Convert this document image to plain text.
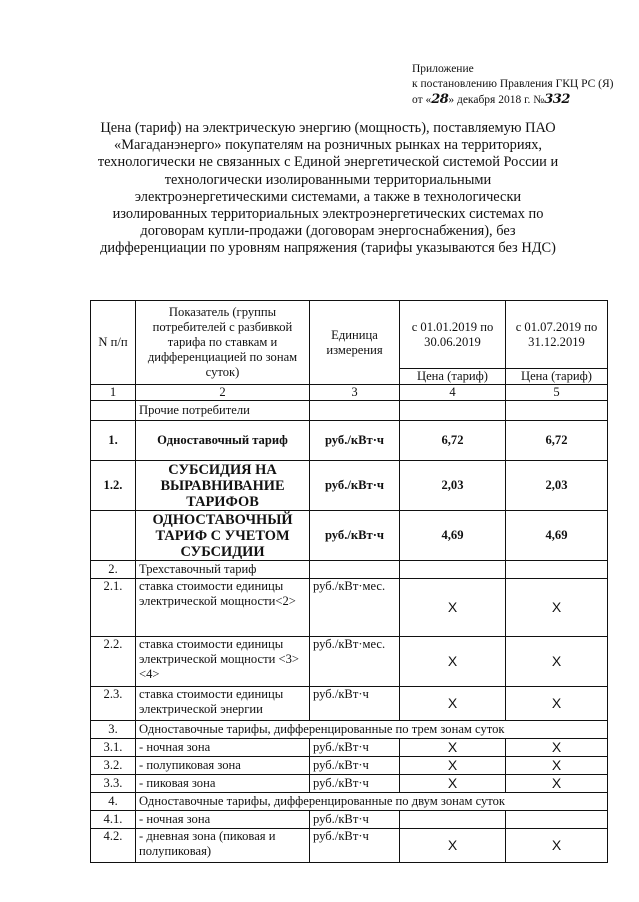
Приложение
к постановлению Правления ГКЦ РС (Я)
от «28» декабря 2018 г. №332
Цена (тариф) на электрическую энергию (мощность), поставляемую ПАО «Магаданэнерго» покупателям на розничных рынках на территориях, технологически не связанных с Единой энергетической системой России и технологически изолированными территориальными электроэнергетическими системами, а также в технологически изолированных территориальных электроэнергетических системах по договорам купли-продажи (договорам энергоснабжения), без дифференциации по уровням напряжения (тарифы указываются без НДС)
N п/п	Показатель (группы потребителей с разбивкой тарифа по ставкам и дифференциацией по зонам суток)	Единица измерения	с 01.01.2019 по 30.06.2019	с 01.07.2019 по 31.12.2019
			Цена (тариф)	Цена (тариф)
1	2	3	4	5
	Прочие потребители			
1.	Одноставочный тариф	руб./кВт·ч	6,72	6,72
1.2.	СУБСИДИЯ НА ВЫРАВНИВАНИЕ ТАРИФОВ	руб./кВт·ч	2,03	2,03
	ОДНОСТАВОЧНЫЙ ТАРИФ С УЧЕТОМ СУБСИДИИ	руб./кВт·ч	4,69	4,69
2.	Трехставочный тариф			
2.1.	ставка стоимости единицы электрической мощности<2>	руб./кВт·мес.	X	X
2.2.	ставка стоимости единицы электрической мощности <3><4>	руб./кВт·мес.	X	X
2.3.	ставка стоимости единицы электрической энергии	руб./кВт·ч	X	X
3.	Одноставочные тарифы, дифференцированные по трем зонам суток			
3.1.	- ночная зона	руб./кВт·ч	X	X
3.2.	- полупиковая зона	руб./кВт·ч	X	X
3.3.	- пиковая зона	руб./кВт·ч	X	X
4.	Одноставочные тарифы, дифференцированные по двум зонам суток			
4.1.	- ночная зона	руб./кВт·ч		
4.2.	- дневная зона (пиковая и полупиковая)	руб./кВт·ч	X	X
